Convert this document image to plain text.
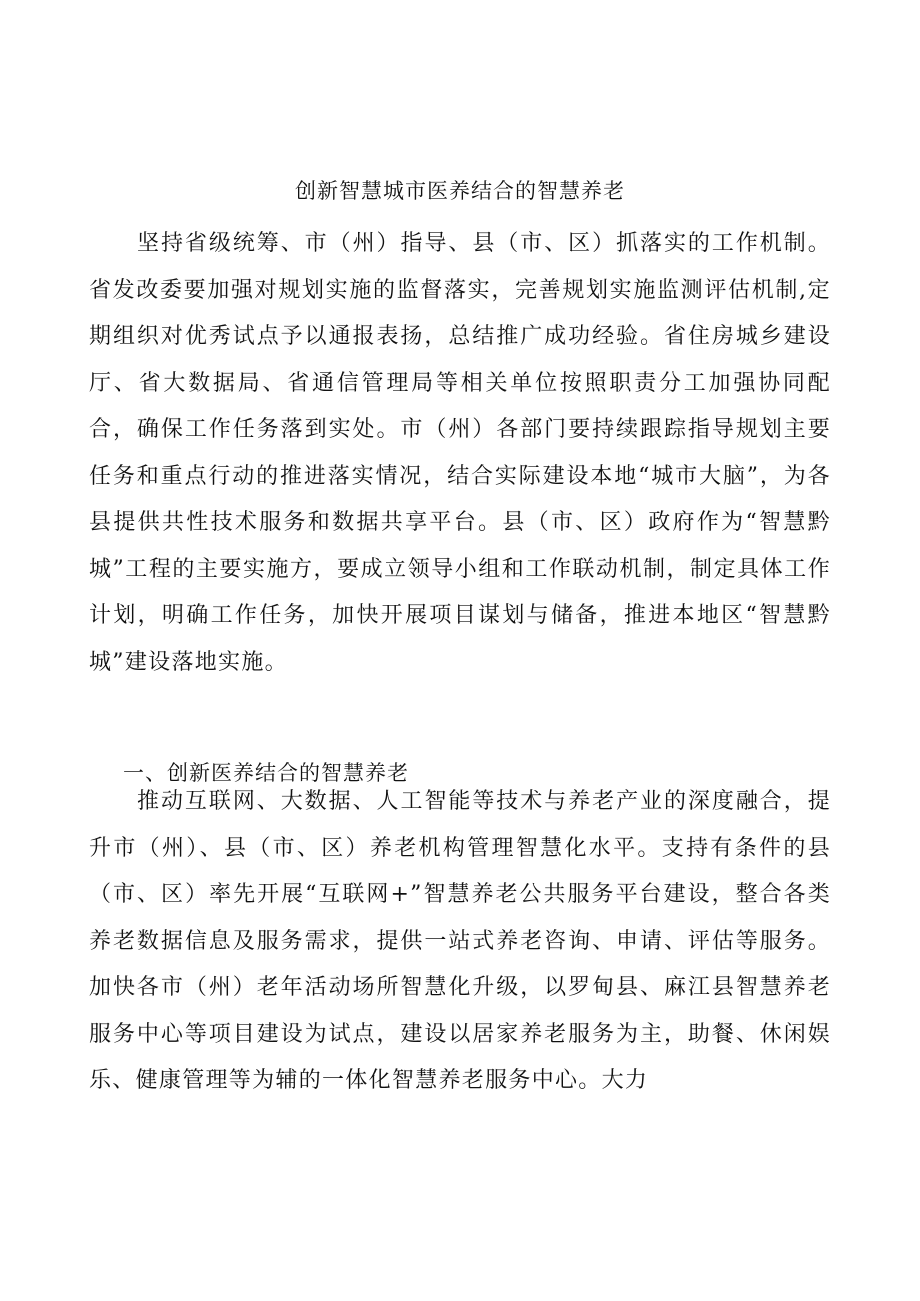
创新智慧城市医养结合的智慧养老

坚持省级统筹、市（州）指导、县（市、区）抓落实的工作机制。省发改委要加强对规划实施的监督落实，完善规划实施监测评估机制,定期组织对优秀试点予以通报表扬，总结推广成功经验。省住房城乡建设厅、省大数据局、省通信管理局等相关单位按照职责分工加强协同配合，确保工作任务落到实处。市（州）各部门要持续跟踪指导规划主要任务和重点行动的推进落实情况，结合实际建设本地“城市大脑”，为各县提供共性技术服务和数据共享平台。县（市、区）政府作为“智慧黔城”工程的主要实施方，要成立领导小组和工作联动机制，制定具体工作计划，明确工作任务，加快开展项目谋划与储备，推进本地区“智慧黔城”建设落地实施。

一、创新医养结合的智慧养老

推动互联网、大数据、人工智能等技术与养老产业的深度融合，提升市（州）、县（市、区）养老机构管理智慧化水平。支持有条件的县（市、区）率先开展“互联网+”智慧养老公共服务平台建设，整合各类养老数据信息及服务需求，提供一站式养老咨询、申请、评估等服务。加快各市（州）老年活动场所智慧化升级，以罗甸县、麻江县智慧养老服务中心等项目建设为试点，建设以居家养老服务为主，助餐、休闲娱乐、健康管理等为辅的一体化智慧养老服务中心。大力
